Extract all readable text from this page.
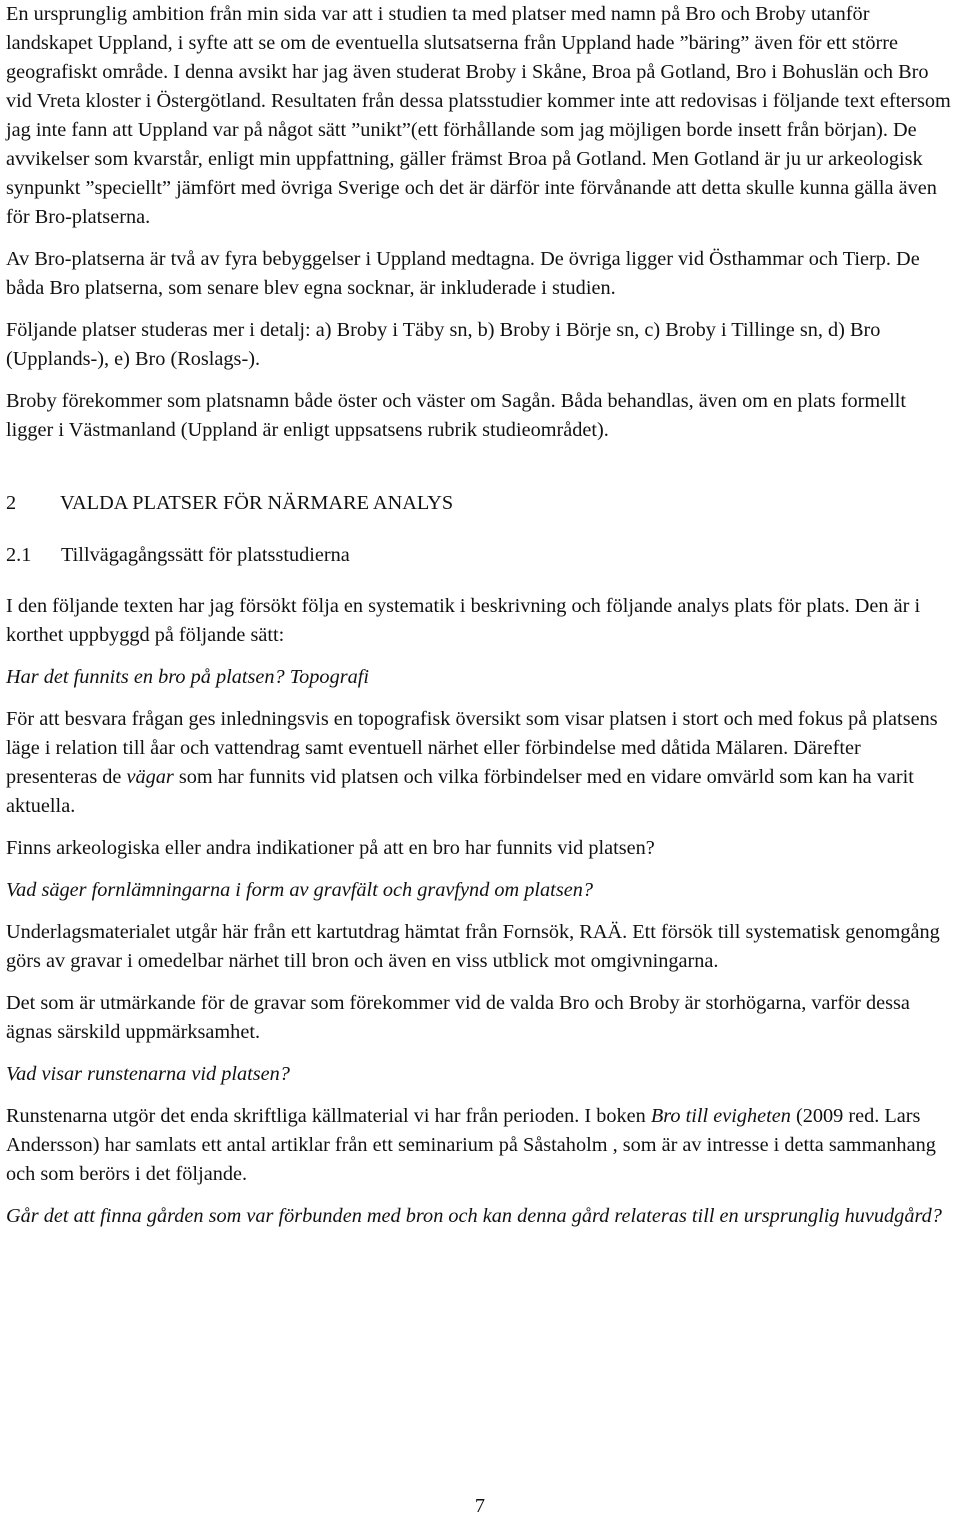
En ursprunglig ambition från min sida var att i studien ta med platser med namn på Bro och Broby utanför landskapet Uppland, i syfte att se om de eventuella slutsatserna från Uppland hade ”bäring” även för ett större geografiskt område. I denna avsikt har jag även studerat Broby i Skåne, Broa på Gotland, Bro i Bohuslän och Bro vid Vreta kloster i Östergötland. Resultaten från dessa platsstudier kommer inte att redovisas i följande text eftersom jag inte fann att Uppland var på något sätt ”unikt”(ett förhållande som jag möjligen borde insett från början). De avvikelser som kvarstår, enligt min uppfattning, gäller främst Broa på Gotland. Men Gotland är ju ur arkeologisk synpunkt ”speciellt” jämfört med övriga Sverige och det är därför inte förvånande att detta skulle kunna gälla även för Bro-platserna.

Av Bro-platserna är två av fyra bebyggelser i Uppland medtagna. De övriga ligger vid Östhammar och Tierp. De båda Bro platserna, som senare blev egna socknar, är inkluderade i studien.

Följande platser studeras mer i detalj: a) Broby i Täby sn, b) Broby i Börje sn, c) Broby i Tillinge sn, d) Bro (Upplands-), e) Bro (Roslags-).

Broby förekommer som platsnamn både öster och väster om Sagån. Båda behandlas, även om en plats formellt ligger i Västmanland (Uppland är enligt uppsatsens rubrik studieområdet).

2 VALDA PLATSER FÖR NÄRMARE ANALYS

2.1 Tillvägagångssätt för platsstudierna

I den följande texten har jag försökt följa en systematik i beskrivning och följande analys plats för plats. Den är i korthet uppbyggd på följande sätt:

Har det funnits en bro på platsen? Topografi

För att besvara frågan ges inledningsvis en topografisk översikt som visar platsen i stort och med fokus på platsens läge i relation till åar och vattendrag samt eventuell närhet eller förbindelse med dåtida Mälaren. Därefter presenteras de vägar som har funnits vid platsen och vilka förbindelser med en vidare omvärld som kan ha varit aktuella.

Finns arkeologiska eller andra indikationer på att en bro har funnits vid platsen?

Vad säger fornlämningarna i form av gravfält och gravfynd om platsen?

Underlagsmaterialet utgår här från ett kartutdrag hämtat från Fornsök, RAÄ. Ett försök till systematisk genomgång görs av gravar i omedelbar närhet till bron och även en viss utblick mot omgivningarna.

Det som är utmärkande för de gravar som förekommer vid de valda Bro och Broby är storhögarna, varför dessa ägnas särskild uppmärksamhet.

Vad visar runstenarna vid platsen?

Runstenarna utgör det enda skriftliga källmaterial vi har från perioden. I boken Bro till evigheten (2009 red. Lars Andersson) har samlats ett antal artiklar från ett seminarium på Såstaholm , som är av intresse i detta sammanhang och som berörs i det följande.

Går det att finna gården som var förbunden med bron och kan denna gård relateras till en ursprunglig huvudgård?

7
